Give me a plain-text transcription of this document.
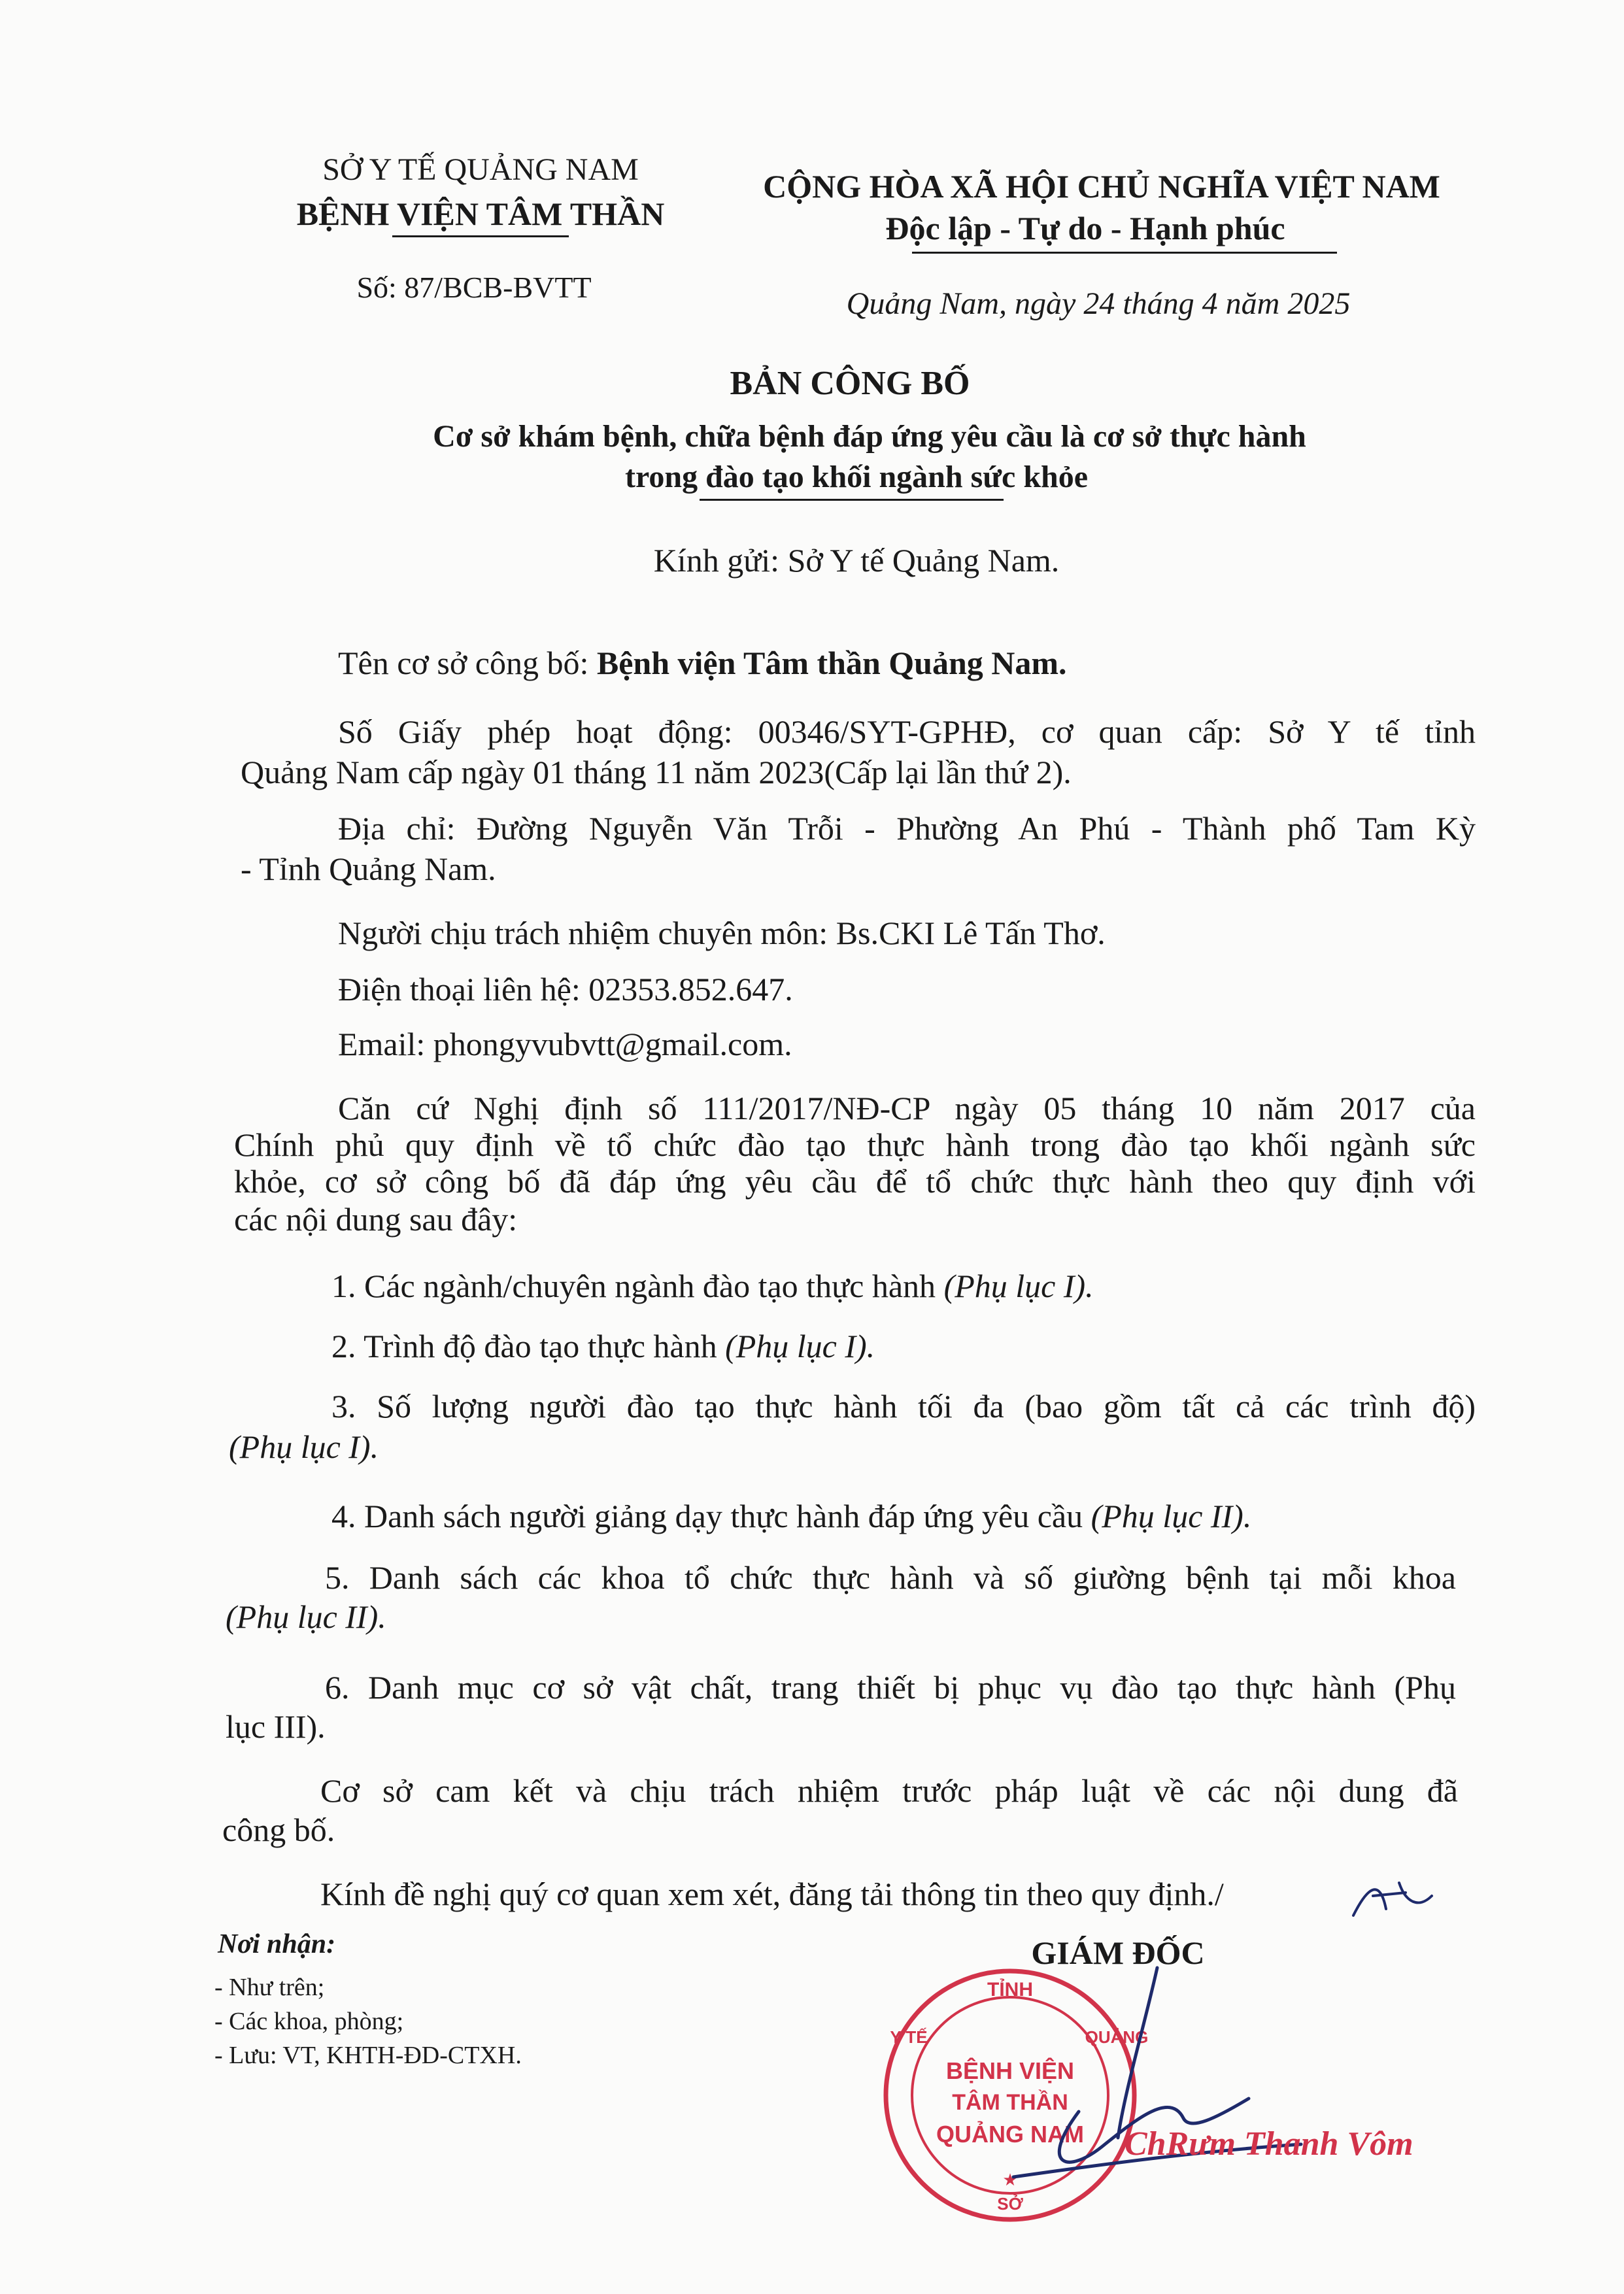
SỞ Y TẾ QUẢNG NAM
BỆNH VIỆN TÂM THẦN
Số: 87/BCB-BVTT
CỘNG HÒA XÃ HỘI CHỦ NGHĨA VIỆT NAM
Độc lập - Tự do - Hạnh phúc
Quảng Nam, ngày 24 tháng 4 năm 2025
BẢN CÔNG BỐ
Cơ sở khám bệnh, chữa bệnh đáp ứng yêu cầu là cơ sở thực hành
trong đào tạo khối ngành sức khỏe
Kính gửi: Sở Y tế Quảng Nam.
Tên cơ sở công bố: Bệnh viện Tâm thần Quảng Nam.
Số Giấy phép hoạt động: 00346/SYT-GPHĐ, cơ quan cấp: Sở Y tế tỉnh
Quảng Nam cấp ngày 01 tháng 11 năm 2023(Cấp lại lần thứ 2).
Địa chỉ: Đường Nguyễn Văn Trỗi - Phường An Phú - Thành phố Tam Kỳ
- Tỉnh Quảng Nam.
Người chịu trách nhiệm chuyên môn: Bs.CKI Lê Tấn Thơ.
Điện thoại liên hệ: 02353.852.647.
Email: phongyvubvtt@gmail.com.
Căn cứ Nghị định số 111/2017/NĐ-CP ngày 05 tháng 10 năm 2017 của
Chính phủ quy định về tổ chức đào tạo thực hành trong đào tạo khối ngành sức
khỏe, cơ sở công bố đã đáp ứng yêu cầu để tổ chức thực hành theo quy định với
các nội dung sau đây:
1. Các ngành/chuyên ngành đào tạo thực hành (Phụ lục I).
2. Trình độ đào tạo thực hành (Phụ lục I).
3. Số lượng người đào tạo thực hành tối đa (bao gồm tất cả các trình độ)
(Phụ lục I).
4. Danh sách người giảng dạy thực hành đáp ứng yêu cầu (Phụ lục II).
5. Danh sách các khoa tổ chức thực hành và số giường bệnh tại mỗi khoa
(Phụ lục II).
6. Danh mục cơ sở vật chất, trang thiết bị phục vụ đào tạo thực hành (Phụ
lục III).
Cơ sở cam kết và chịu trách nhiệm trước pháp luật về các nội dung đã
công bố.
Kính đề nghị quý cơ quan xem xét, đăng tải thông tin theo quy định./
Nơi nhận:
- Như trên;
- Các khoa, phòng;
- Lưu: VT, KHTH-ĐD-CTXH.
GIÁM ĐỐC
TỈNH
Y TẾ	QUẢNG
BỆNH VIỆN
TÂM THẦN
QUẢNG NAM
SỞ
★
ChRưm Thanh Vôm
